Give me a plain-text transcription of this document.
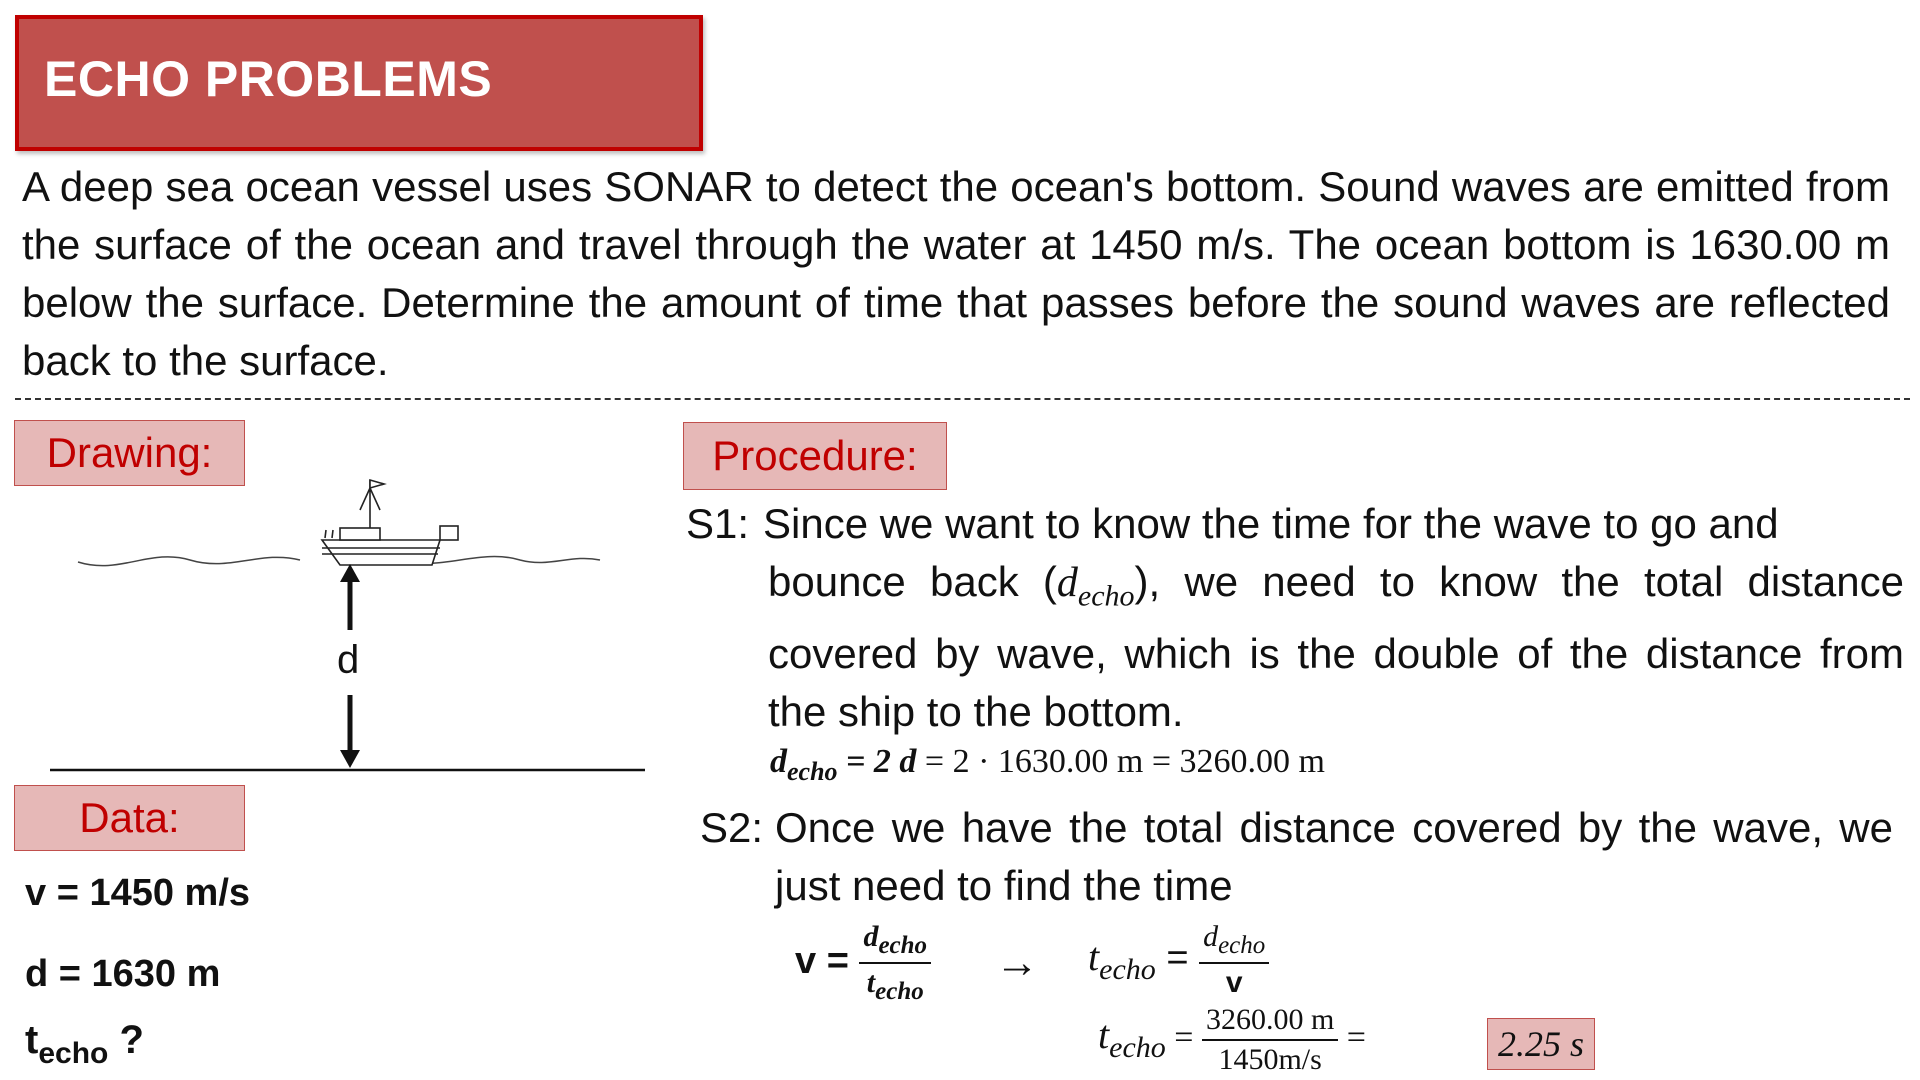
ECHO PROBLEMS
A deep sea ocean vessel uses SONAR to detect the ocean's bottom. Sound waves are emitted from the surface of the ocean and travel through the water at 1450 m/s. The ocean bottom is 1630.00 m below the surface. Determine the amount of time that passes before the sound waves are reflected back to the surface.
Drawing:
d
Data:
v = 1450 m/s
d = 1630 m
$t_{echo}$ ?
Procedure:
S1: Since we want to know the time for the wave to go and
bounce back $(d_{echo})$, we need to know the total distance covered by wave, which is the double of the distance from the ship to the bottom.
$d_{echo} = 2$ d = 2 · 1630.00 m = 3260.00 m
S2: Once we have the total distance covered by the wave, we just need to find the time
$v = \frac{d_{echo}}{t_{echo}} \to t_{echo} = \frac{d_{echo}}{v}$
$t_{echo} = \frac{3260.00 m}{1450m/s}$ =	2.25 s
